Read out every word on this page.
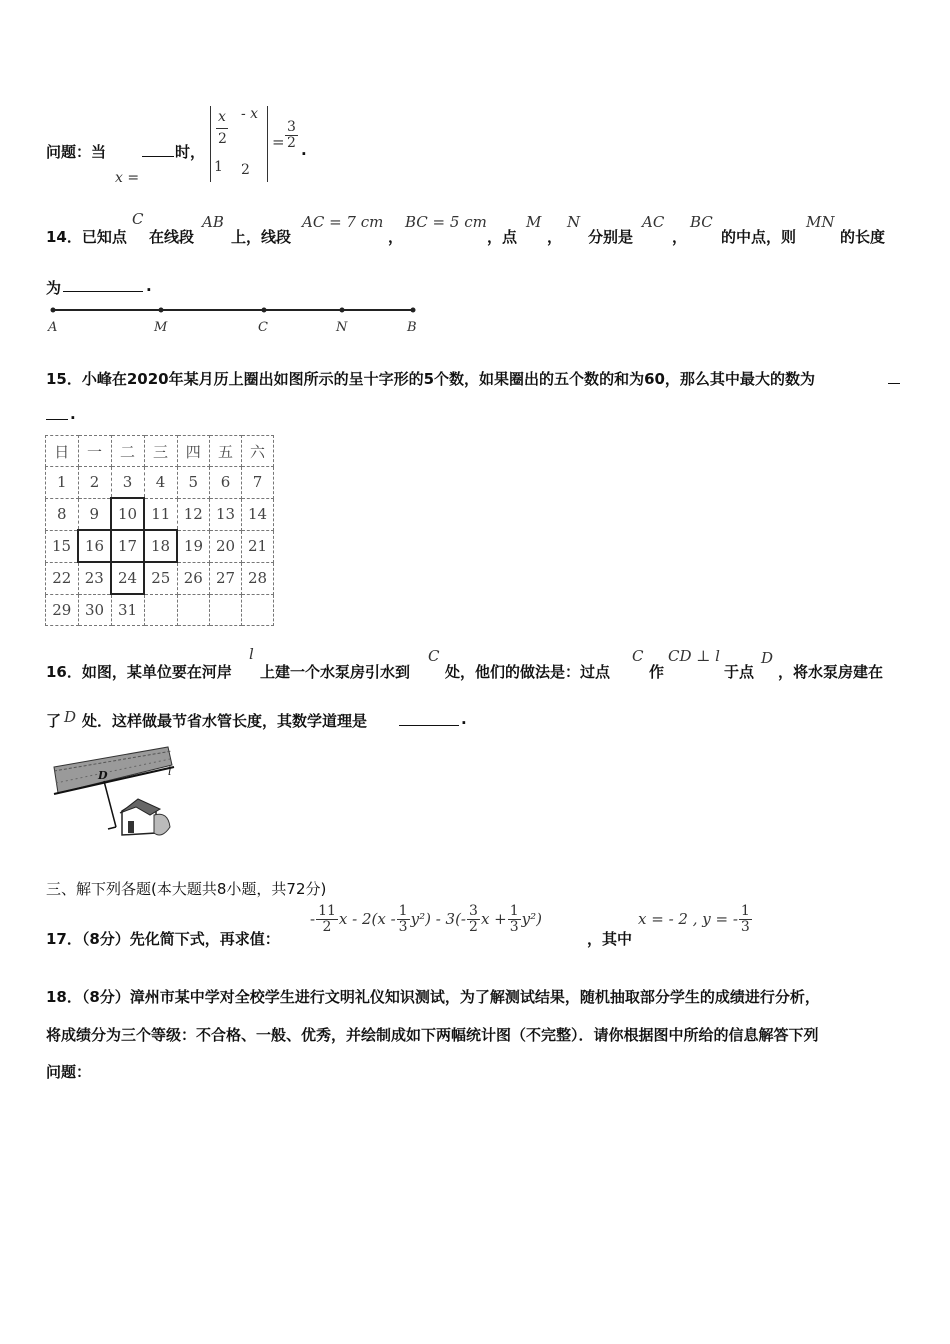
问题：当	时，
x =
x
2
- x
1 2
= $\frac{3}{2}$ .
14．已知点
C
在线段
AB
上，线段
AC = 7 cm
，
BC = 5 cm
，点
M
，
N
分别是
AC
，
BC
的中点，则
MN
的长度
为	.
A	M	C	N	B
15．小峰在2020年某月历上圈出如图所示的呈十字形的5个数，如果圈出的五个数的和为60，那么其中最大的数为
.
日	一	二	三	四	五	六
1	2	3	4	5	6	7
8	9	10	11	12	13	14
15	16	17	18	19	20	21
22	23	24	25	26	27	28
29	30	31				
16．如图，某单位要在河岸
l
上建一个水泵房引水到
C
处，他们的做法是：过点
C
作
CD ⊥ l
于点
D
，将水泵房建在
了 D 处．这样做最节省水管长度，其数学道理是	.
D	l
三、解下列各题(本大题共8小题，共72分)
17．（8分）先化简下式，再求值：
- $\frac{11}{2}$ x - $2(x - \frac{1}{3} y^2) - 3(- \frac{3}{2}$ $x + \frac{1}{3} y^2$)
，其中
x = - 2 , y = - $\frac{1}{3}$
18．（8分）漳州市某中学对全校学生进行文明礼仪知识测试，为了解测试结果，随机抽取部分学生的成绩进行分析，
将成绩分为三个等级：不合格、一般、优秀，并绘制成如下两幅统计图（不完整）．请你根据图中所给的信息解答下列
问题：
